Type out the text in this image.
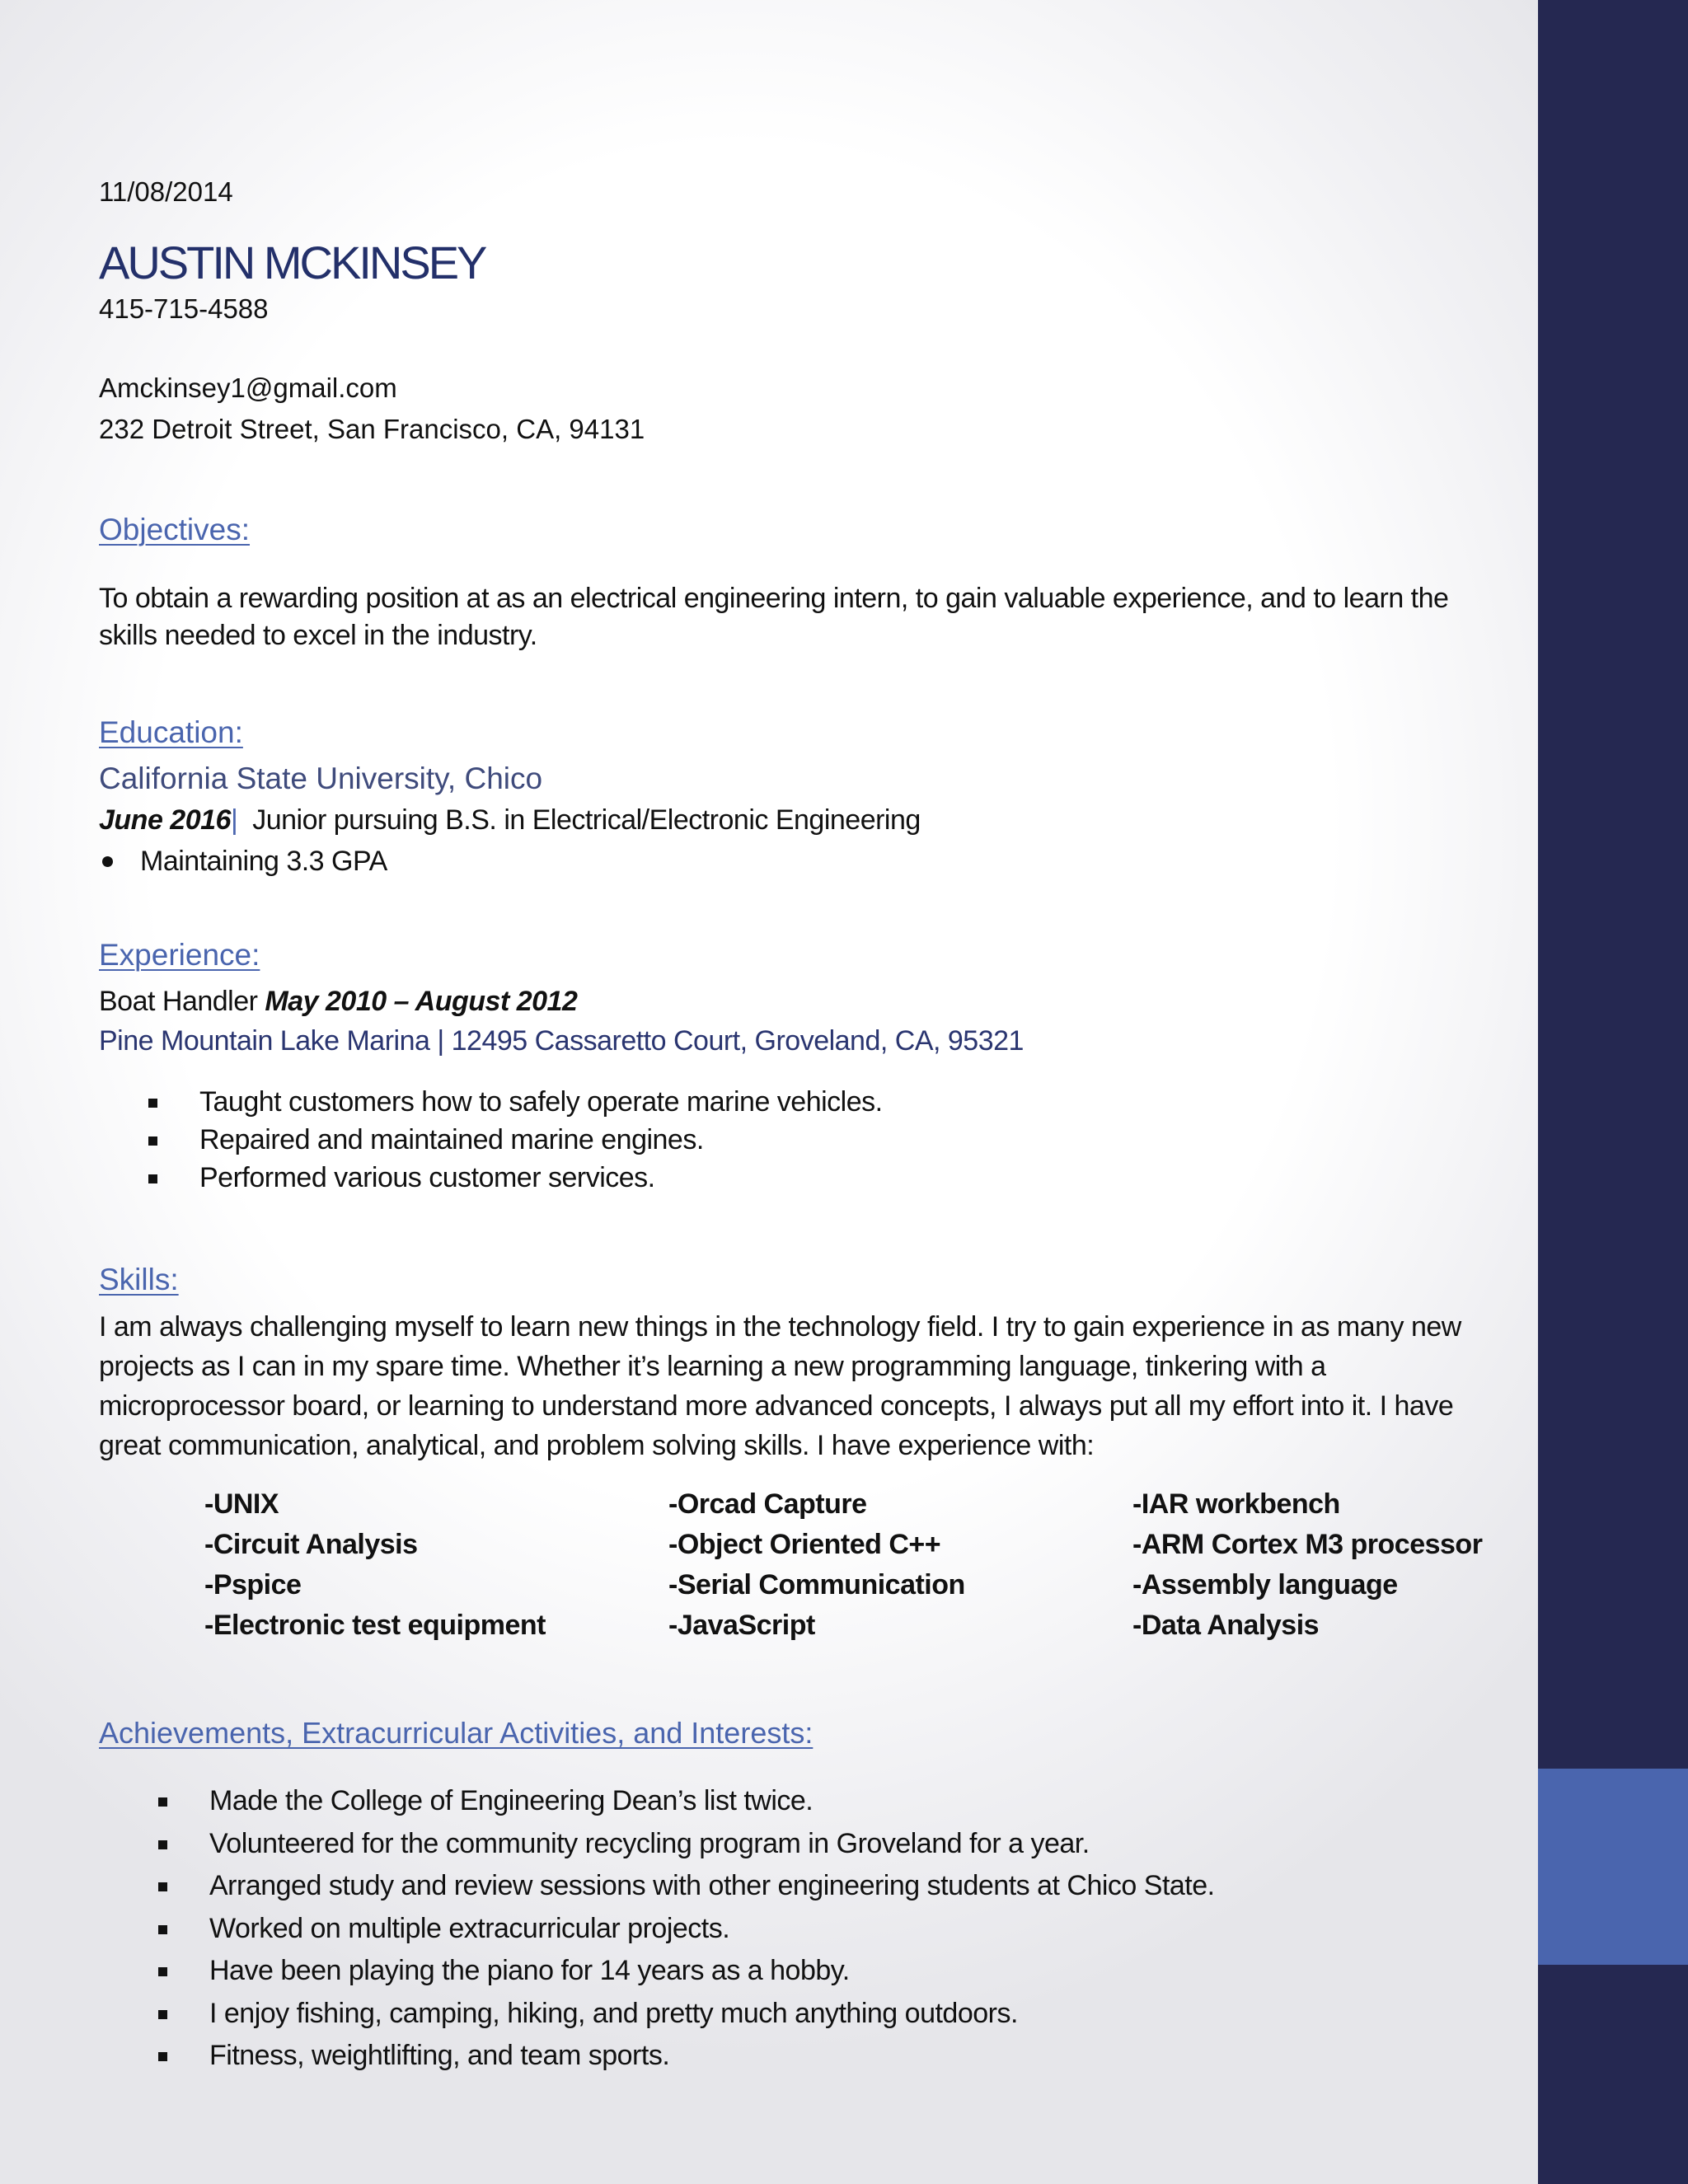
11/08/2014
AUSTIN MCKINSEY
415-715-4588
Amckinsey1@gmail.com
232 Detroit Street, San Francisco, CA, 94131
Objectives:
To obtain a rewarding position at as an electrical engineering intern, to gain valuable experience, and to learn the skills needed to excel in the industry.
Education:
California State University, Chico
June 2016| Junior pursuing B.S. in Electrical/Electronic Engineering
Maintaining 3.3 GPA
Experience:
Boat Handler May 2010 – August 2012
Pine Mountain Lake Marina | 12495 Cassaretto Court, Groveland, CA, 95321
Taught customers how to safely operate marine vehicles.
Repaired and maintained marine engines.
Performed various customer services.
Skills:
I am always challenging myself to learn new things in the technology field. I try to gain experience in as many new projects as I can in my spare time. Whether it’s learning a new programming language, tinkering with a microprocessor board, or learning to understand more advanced concepts, I always put all my effort into it. I have great communication, analytical, and problem solving skills. I have experience with:
-UNIX	-Orcad Capture	-IAR workbench
-Circuit Analysis	-Object Oriented C++	-ARM Cortex M3 processor
-Pspice	-Serial Communication	-Assembly language
-Electronic test equipment	-JavaScript	-Data Analysis
Achievements, Extracurricular Activities, and Interests:
Made the College of Engineering Dean’s list twice.
Volunteered for the community recycling program in Groveland for a year.
Arranged study and review sessions with other engineering students at Chico State.
Worked on multiple extracurricular projects.
Have been playing the piano for 14 years as a hobby.
I enjoy fishing, camping, hiking, and pretty much anything outdoors.
Fitness, weightlifting, and team sports.
